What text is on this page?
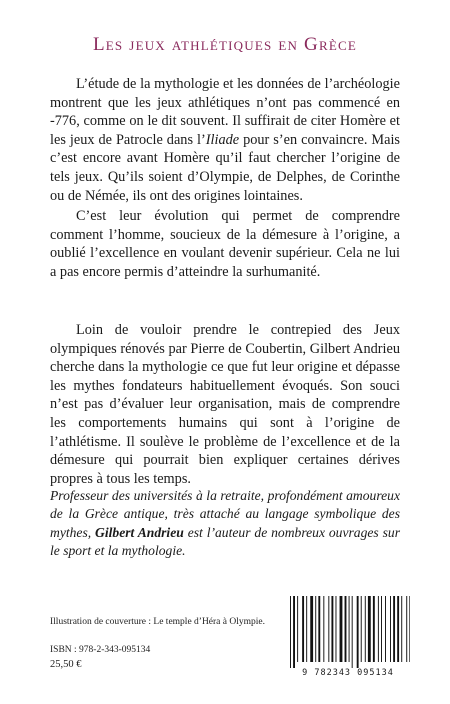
Les jeux athlétiques en Grèce

L’étude de la mythologie et les données de l’archéologie montrent que les jeux athlétiques n’ont pas commencé en -776, comme on le dit souvent. Il suffirait de citer Homère et les jeux de Patrocle dans l’Iliade pour s’en convaincre. Mais c’est encore avant Homère qu’il faut chercher l’origine de tels jeux. Qu’ils soient d’Olympie, de Delphes, de Corinthe ou de Némée, ils ont des origines lointaines.

C’est leur évolution qui permet de comprendre comment l’homme, soucieux de la démesure à l’origine, a oublié l’excellence en voulant devenir supérieur. Cela ne lui a pas encore permis d’atteindre la surhumanité.

Loin de vouloir prendre le contrepied des Jeux olympiques rénovés par Pierre de Coubertin, Gilbert Andrieu cherche dans la mythologie ce que fut leur origine et dépasse les mythes fondateurs habituellement évoqués. Son souci n’est pas d’évaluer leur organisation, mais de comprendre les comportements humains qui sont à l’origine de l’athlétisme. Il soulève le problème de l’excellence et de la démesure qui pourrait bien expliquer certaines dérives propres à tous les temps.

Professeur des universités à la retraite, profondément amoureux de la Grèce antique, très attaché au langage symbolique des mythes, Gilbert Andrieu est l’auteur de nombreux ouvrages sur le sport et la mythologie.

Illustration de couverture : Le temple d’Héra à Olympie.
ISBN : 978-2-343-095134
25,50 €
9 782343 095134
